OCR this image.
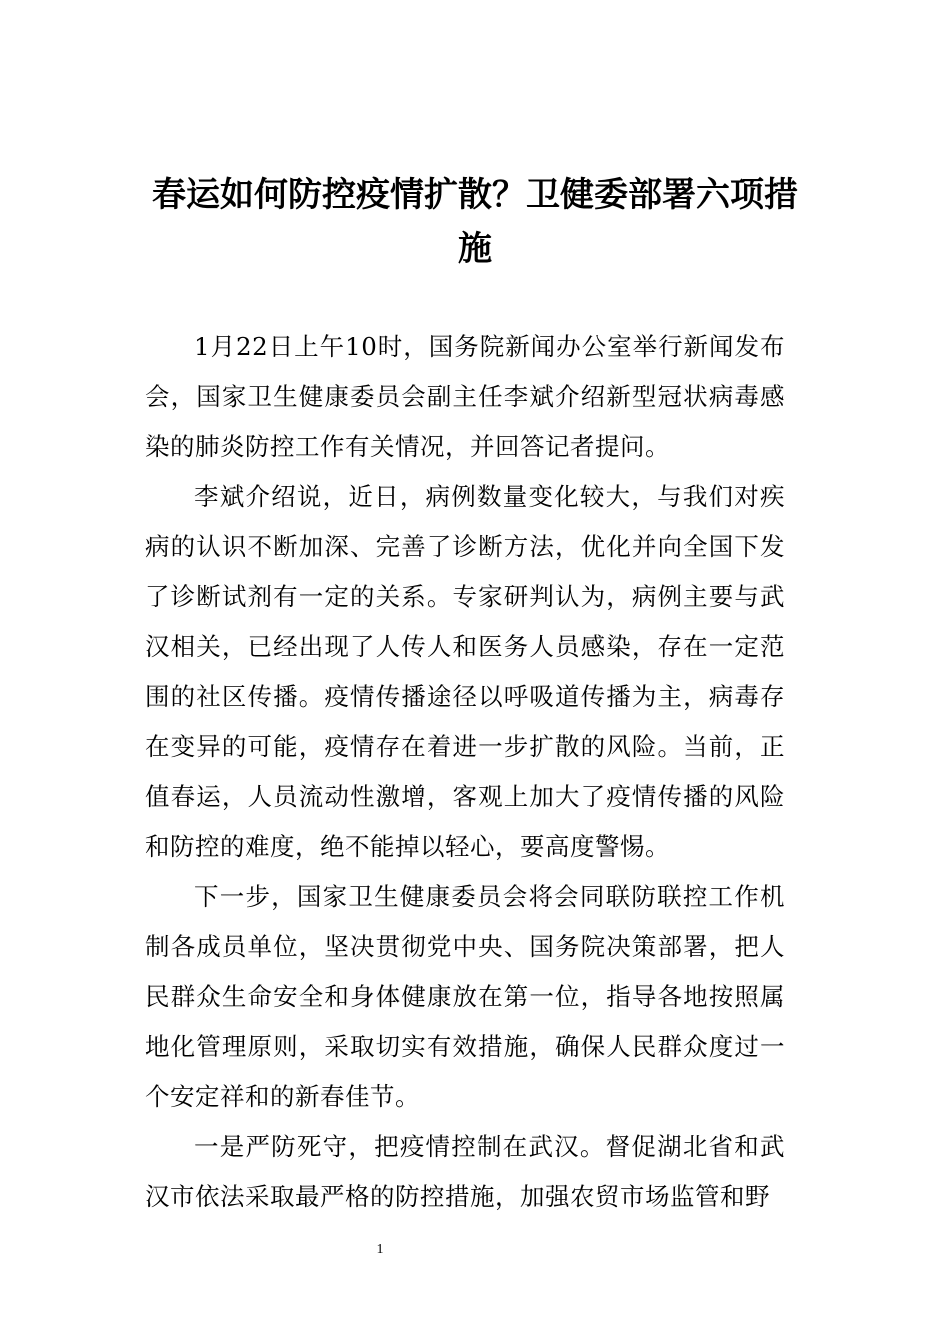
春运如何防控疫情扩散？卫健委部署六项措施

1月22日上午10时，国务院新闻办公室举行新闻发布会，国家卫生健康委员会副主任李斌介绍新型冠状病毒感染的肺炎防控工作有关情况，并回答记者提问。

李斌介绍说，近日，病例数量变化较大，与我们对疾病的认识不断加深、完善了诊断方法，优化并向全国下发了诊断试剂有一定的关系。专家研判认为，病例主要与武汉相关，已经出现了人传人和医务人员感染，存在一定范围的社区传播。疫情传播途径以呼吸道传播为主，病毒存在变异的可能，疫情存在着进一步扩散的风险。当前，正值春运，人员流动性激增，客观上加大了疫情传播的风险和防控的难度，绝不能掉以轻心，要高度警惕。

下一步，国家卫生健康委员会将会同联防联控工作机制各成员单位，坚决贯彻党中央、国务院决策部署，把人民群众生命安全和身体健康放在第一位，指导各地按照属地化管理原则，采取切实有效措施，确保人民群众度过一个安定祥和的新春佳节。

一是严防死守，把疫情控制在武汉。督促湖北省和武汉市依法采取最严格的防控措施，加强农贸市场监管和野

1
